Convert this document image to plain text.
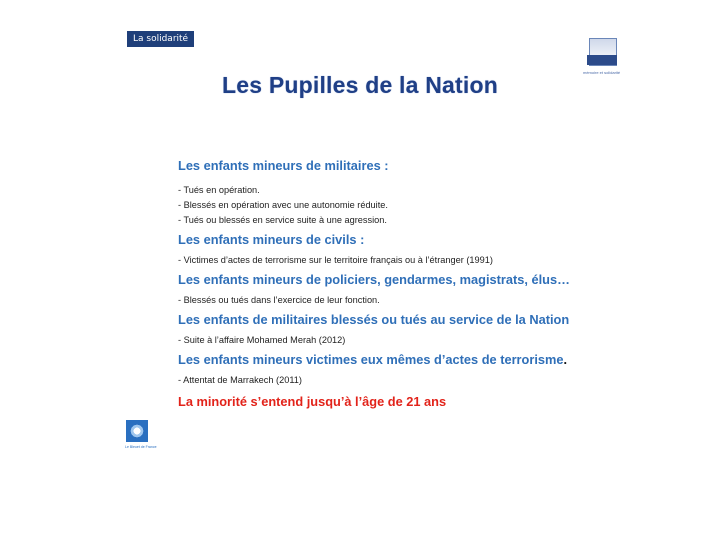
La solidarité
mémoire et solidarité
Les Pupilles de la Nation

Les enfants mineurs de militaires :

- Tués en opération.

- Blessés en opération avec une autonomie réduite.

- Tués ou blessés en service suite à une agression.

Les enfants mineurs de civils :

- Victimes d’actes de terrorisme sur le territoire français ou à l’étranger (1991)

Les enfants mineurs de policiers, gendarmes, magistrats, élus…

- Blessés ou tués dans l’exercice de leur fonction.

Les enfants de militaires blessés ou tués au service de la Nation

- Suite à l’affaire Mohamed Merah (2012)

Les enfants mineurs victimes eux mêmes d’actes de terrorisme.

- Attentat de Marrakech (2011)

La minorité s’entend jusqu’à l’âge de 21 ans

Le Bleuet de France
